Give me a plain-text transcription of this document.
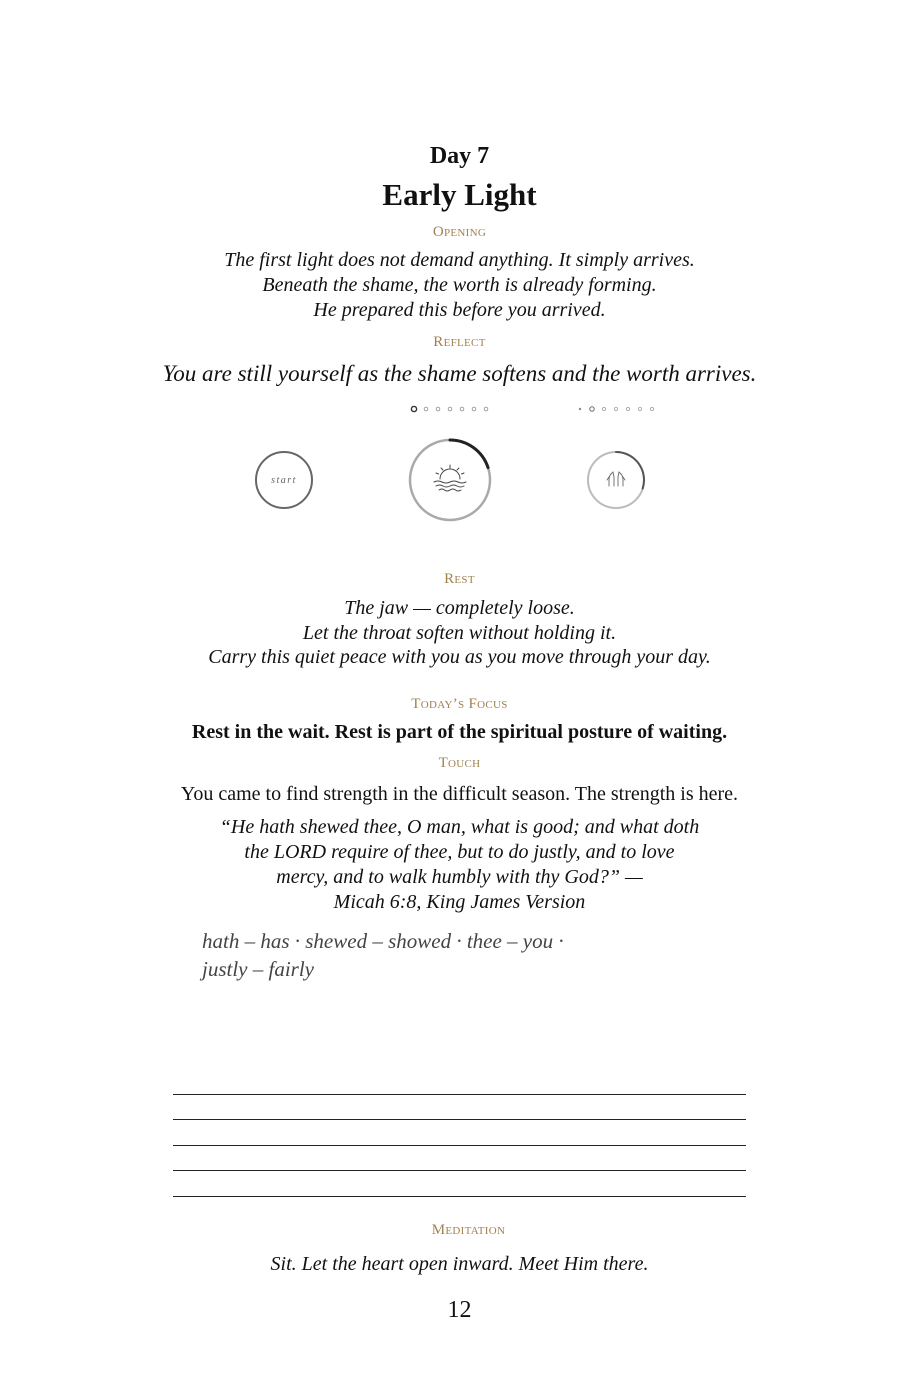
Day 7
Early Light
Opening
The first light does not demand anything. It simply arrives.
Beneath the shame, the worth is already forming.
He prepared this before you arrived.
Reflect
You are still yourself as the shame softens and the worth arrives.
start
Rest
The jaw — completely loose.
Let the throat soften without holding it.
Carry this quiet peace with you as you move through your day.
Today’s Focus
Rest in the wait. Rest is part of the spiritual posture of waiting.
Touch
You came to find strength in the difficult season. The strength is here.
“He hath shewed thee, O man, what is good; and what doth
the LORD require of thee, but to do justly, and to love
mercy, and to walk humbly with thy God?” —
Micah 6:8, King James Version
hath – has · shewed – showed · thee – you ·
justly – fairly
Meditation
Sit. Let the heart open inward. Meet Him there.
12
